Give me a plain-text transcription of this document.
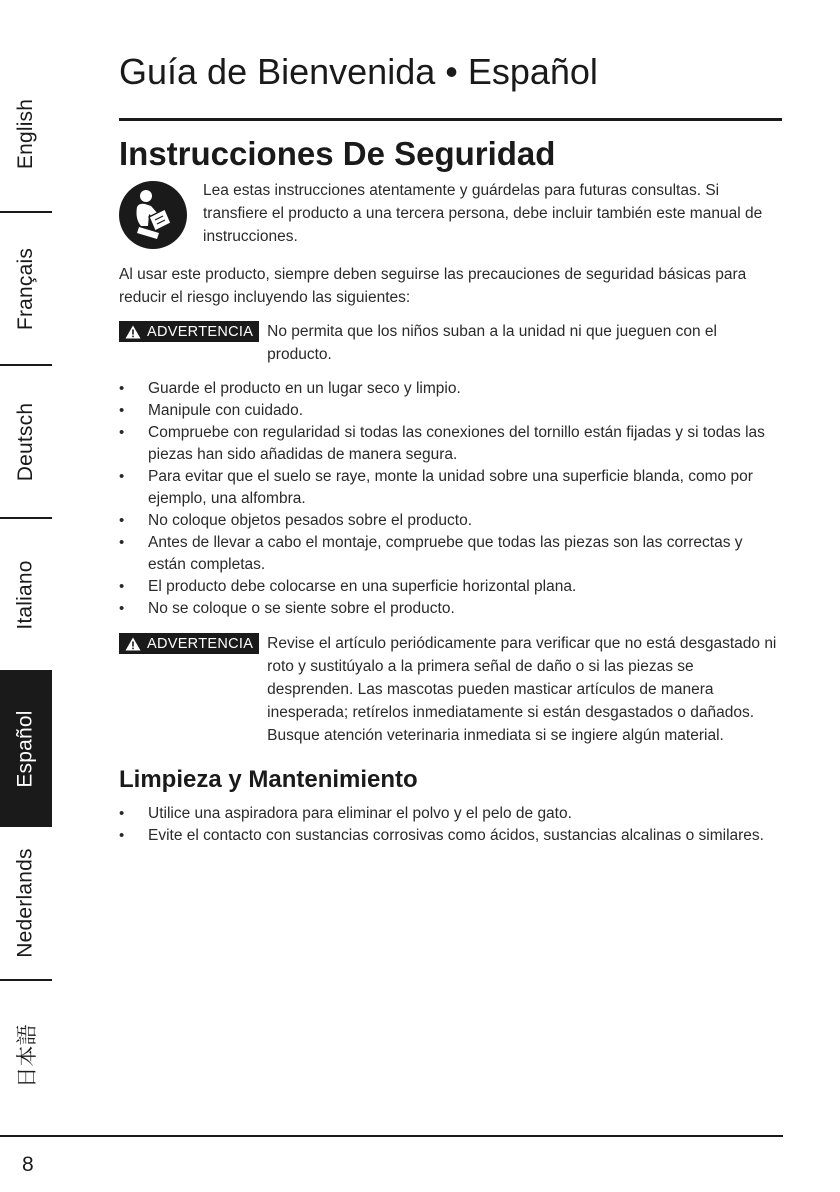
English
Français
Deutsch
Italiano
Español
Nederlands
日本語
Guía de Bienvenida • Español
Instrucciones De Seguridad

Lea estas instrucciones atentamente y guárdelas para futuras consultas. Si transfiere el producto a una tercera persona, debe incluir también este manual de instrucciones.

Al usar este producto, siempre deben seguirse las precauciones de seguridad básicas para reducir el riesgo incluyendo las siguientes:

ADVERTENCIA No permita que los niños suban a la unidad ni que jueguen con el producto.
• Guarde el producto en un lugar seco y limpio.
• Manipule con cuidado.
• Compruebe con regularidad si todas las conexiones del tornillo están fijadas y si todas las piezas han sido añadidas de manera segura.
• Para evitar que el suelo se raye, monte la unidad sobre una superficie blanda, como por ejemplo, una alfombra.
• No coloque objetos pesados sobre el producto.
• Antes de llevar a cabo el montaje, compruebe que todas las piezas son las correctas y están completas.
• El producto debe colocarse en una superficie horizontal plana.
• No se coloque o se siente sobre el producto.
ADVERTENCIA Revise el artículo periódicamente para verificar que no está desgastado ni roto y sustitúyalo a la primera señal de daño o si las piezas se desprenden. Las mascotas pueden masticar artículos de manera inesperada; retírelos inmediatamente si están desgastados o dañados. Busque atención veterinaria inmediata si se ingiere algún material.
Limpieza y Mantenimiento
• Utilice una aspiradora para eliminar el polvo y el pelo de gato.
• Evite el contacto con sustancias corrosivas como ácidos, sustancias alcalinas o similares.
8
